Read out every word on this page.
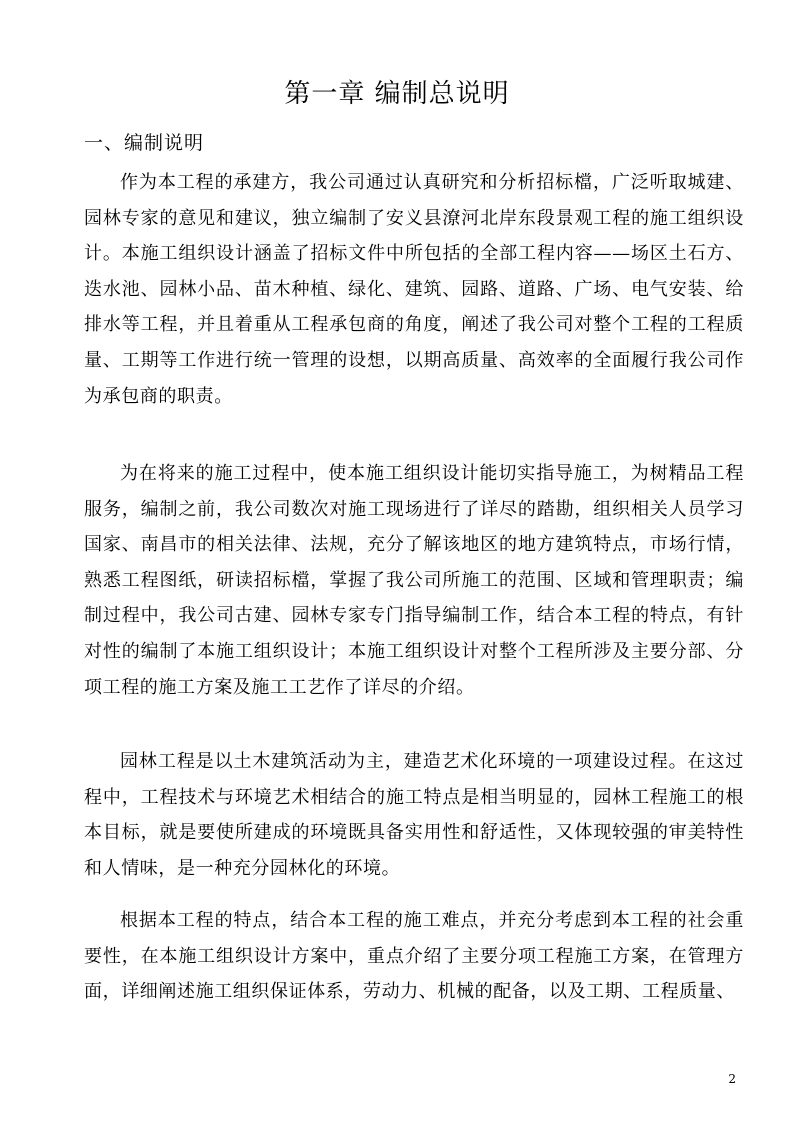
第一章 编制总说明
一、编制说明

作为本工程的承建方，我公司通过认真研究和分析招标檔，广泛听取城建、园林专家的意见和建议，独立编制了安义县潦河北岸东段景观工程的施工组织设计。本施工组织设计涵盖了招标文件中所包括的全部工程内容——场区土石方、迭水池、园林小品、苗木种植、绿化、建筑、园路、道路、广场、电气安装、给排水等工程，并且着重从工程承包商的角度，阐述了我公司对整个工程的工程质量、工期等工作进行统一管理的设想，以期高质量、高效率的全面履行我公司作为承包商的职责。

为在将来的施工过程中，使本施工组织设计能切实指导施工，为树精品工程服务，编制之前，我公司数次对施工现场进行了详尽的踏勘，组织相关人员学习国家、南昌市的相关法律、法规，充分了解该地区的地方建筑特点，市场行情，熟悉工程图纸，研读招标檔，掌握了我公司所施工的范围、区域和管理职责；编制过程中，我公司古建、园林专家专门指导编制工作，结合本工程的特点，有针对性的编制了本施工组织设计；本施工组织设计对整个工程所涉及主要分部、分项工程的施工方案及施工工艺作了详尽的介绍。

园林工程是以土木建筑活动为主，建造艺术化环境的一项建设过程。在这过程中，工程技术与环境艺术相结合的施工特点是相当明显的，园林工程施工的根本目标，就是要使所建成的环境既具备实用性和舒适性，又体现较强的审美特性和人情味，是一种充分园林化的环境。

根据本工程的特点，结合本工程的施工难点，并充分考虑到本工程的社会重要性，在本施工组织设计方案中，重点介绍了主要分项工程施工方案，在管理方面，详细阐述施工组织保证体系，劳动力、机械的配备，以及工期、工程质量、

2
